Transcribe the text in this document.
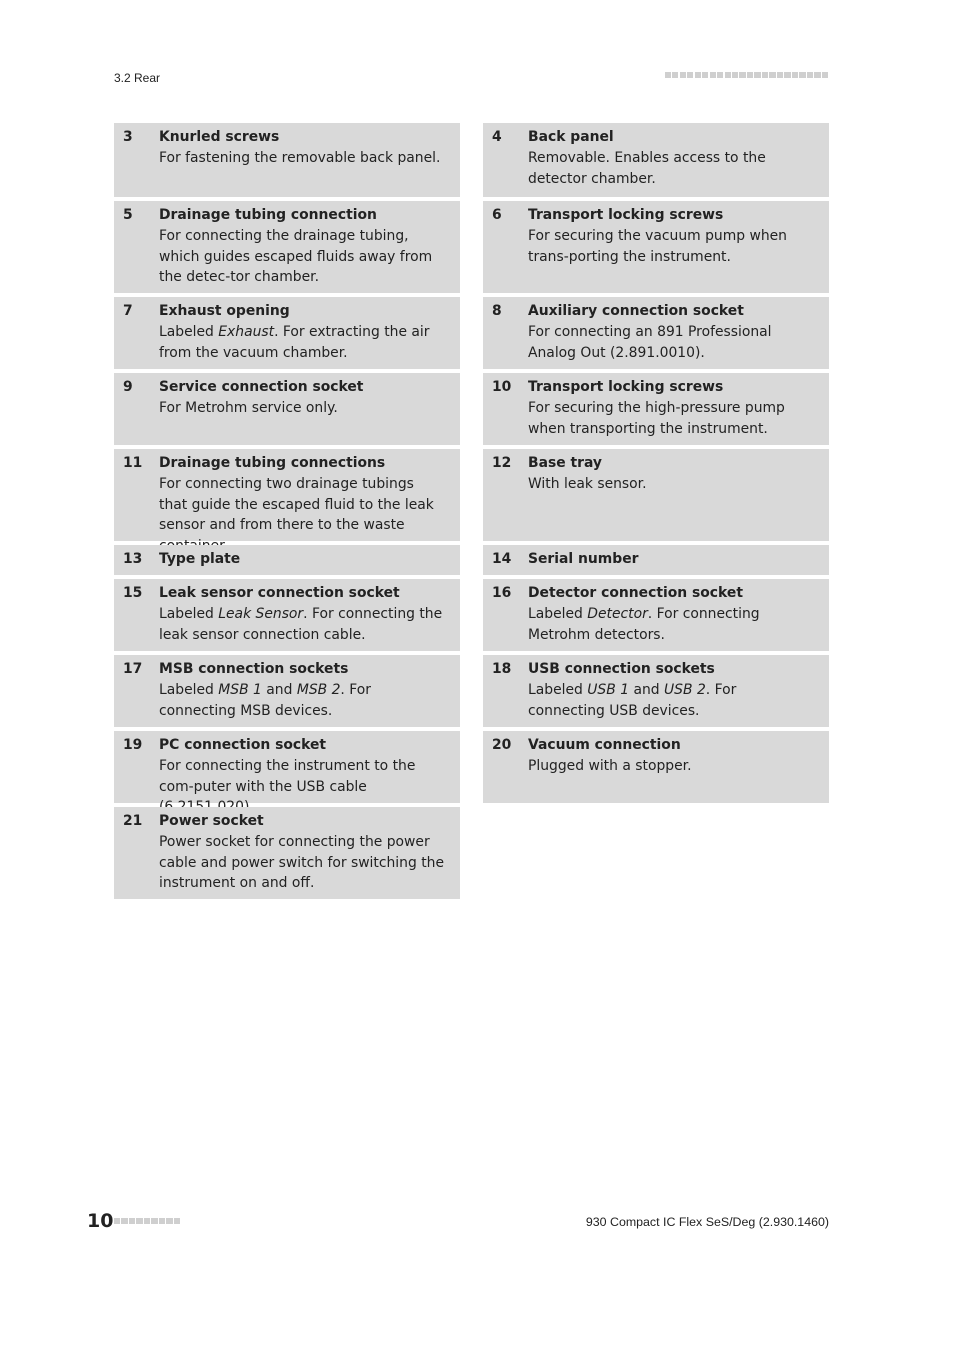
3.2 Rear
3 Knurled screws
For fastening the removable back panel.
5 Drainage tubing connection
For connecting the drainage tubing, which guides escaped fluids away from the detec-tor chamber.
7 Exhaust opening
Labeled Exhaust. For extracting the air from the vacuum chamber.
9 Service connection socket
For Metrohm service only.
11 Drainage tubing connections
For connecting two drainage tubings that guide the escaped fluid to the leak sensor and from there to the waste
13 Type plate
15 Leak sensor connection socket
Labeled Leak Sensor. For connecting the leak sensor connection cable.
17 MSB connection sockets
Labeled MSB 1 and MSB 2. For connecting MSB devices.
19 PC connection socket
For connecting the instrument to the com-puter with the USB cable
21 Power socket
Power socket for connecting the power cable and power switch for switching the instrument on and off.
4 Back panel
Removable. Enables access to the detector chamber.
6 Transport locking screws
For securing the vacuum pump when trans-porting the instrument.
8 Auxiliary connection socket
For connecting an 891 Professional Analog Out (2.891.0010).
10 Transport locking screws
For securing the high-pressure pump when transporting the instrument.
12 Base tray
With leak sensor.
14 Serial number
16 Detector connection socket
Labeled Detector. For connecting Metrohm detectors.
18 USB connection sockets
Labeled USB 1 and USB 2. For connecting USB devices.
20 Vacuum connection
Plugged with a stopper.
10	930 Compact IC Flex SeS/Deg (2.930.1460)
